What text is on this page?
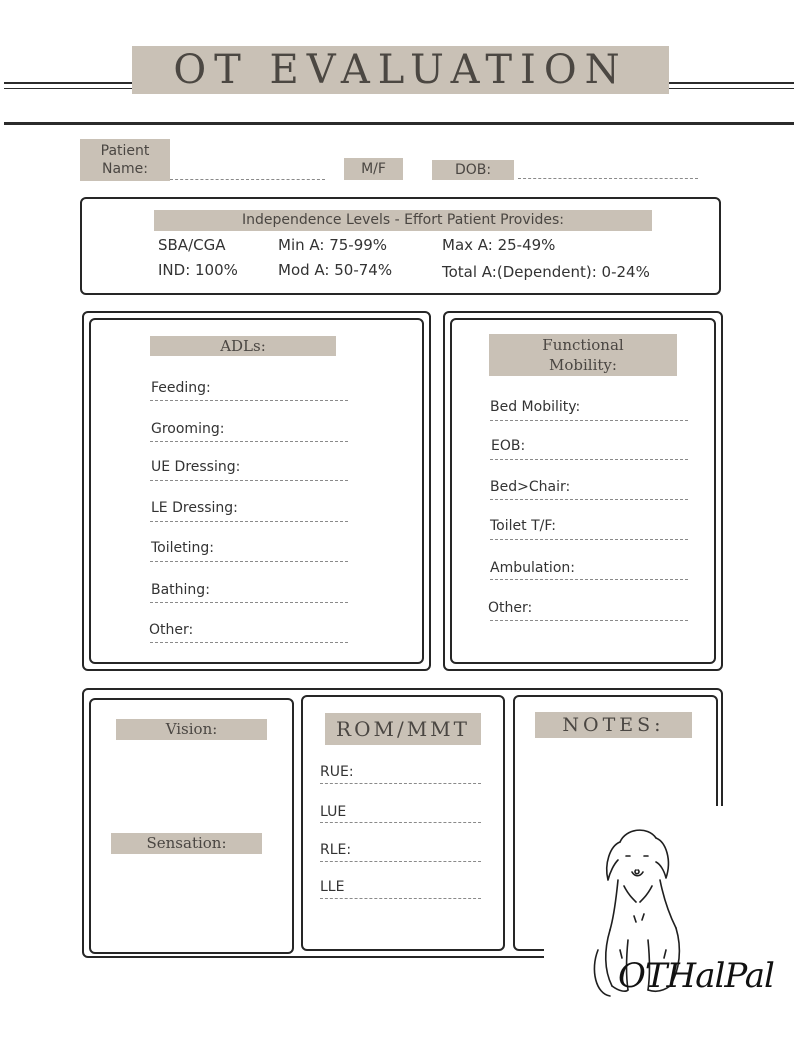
OT EVALUATION
Patient
Name:	M/F	DOB:
Independence Levels - Effort Patient Provides:
SBA/CGA
IND: 100%
Min A: 75-99%
Mod A: 50-74%
Max A: 25-49%
Total A:(Dependent): 0-24%
ADLs:
Feeding:
Grooming:
UE Dressing:
LE Dressing:
Toileting:
Bathing:
Other:
Functional
Mobility:
Bed Mobility:
EOB:
Bed>Chair:
Toilet T/F:
Ambulation:
Other:
Vision:
Sensation:
ROM/MMT
RUE:
LUE
RLE:
LLE
NOTES:
OTHalPal
